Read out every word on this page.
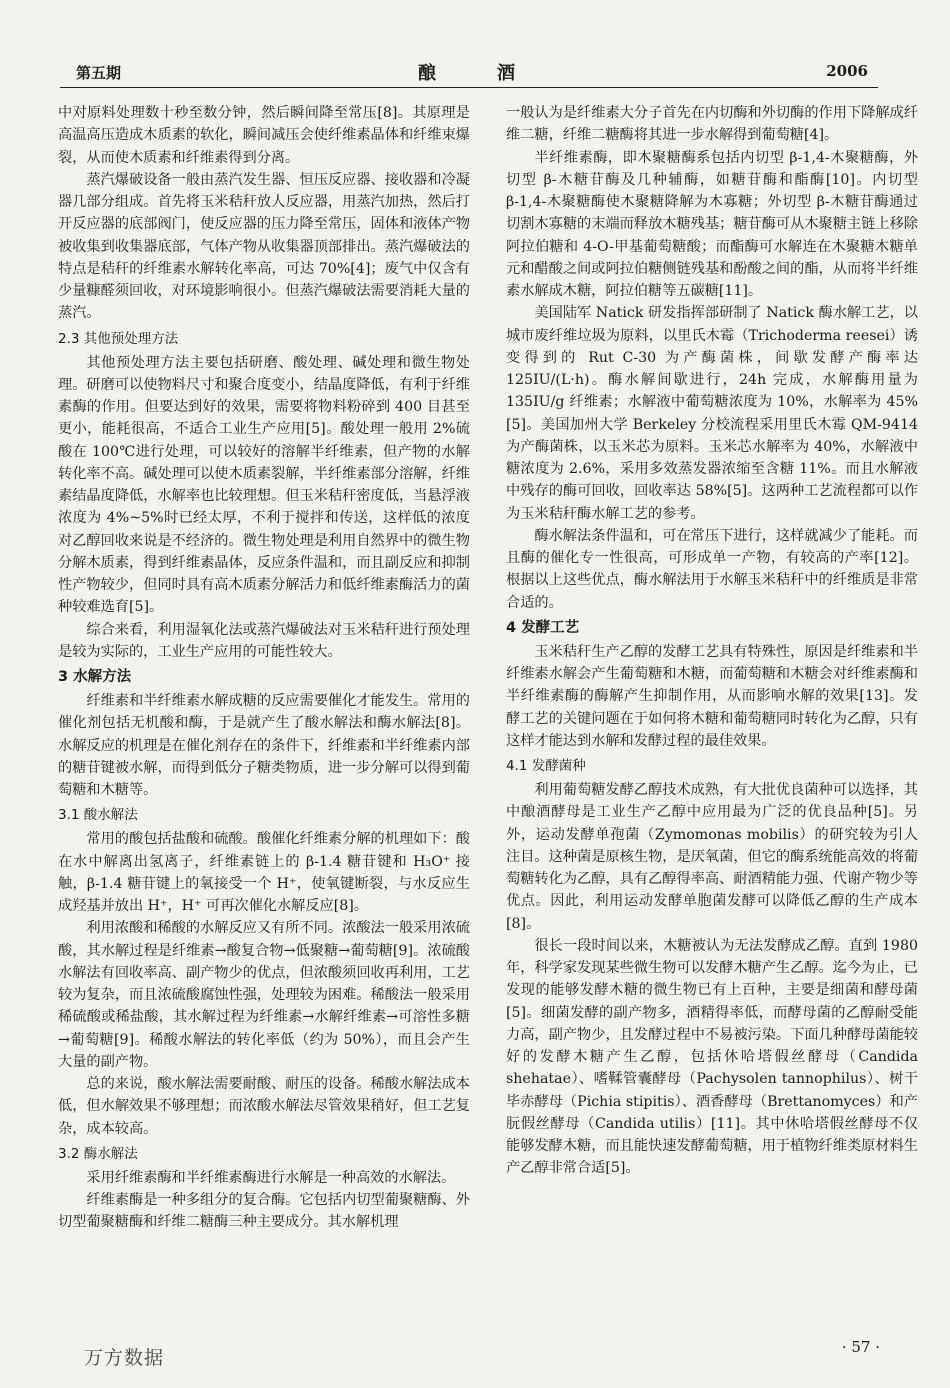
第五期	酿	酒	2006

中对原料处理数十秒至数分钟，然后瞬间降至常压[8]。其原理是高温高压造成木质素的软化，瞬间减压会使纤维素晶体和纤维束爆裂，从而使木质素和纤维素得到分离。

蒸汽爆破设备一般由蒸汽发生器、恒压反应器、接收器和冷凝器几部分组成。首先将玉米秸秆放人反应器，用蒸汽加热，然后打开反应器的底部阀门，使反应器的压力降至常压，固体和液体产物被收集到收集器底部，气体产物从收集器顶部排出。蒸汽爆破法的特点是秸秆的纤维素水解转化率高，可达 70%[4]；废气中仅含有少量糠醛须回收，对环境影响很小。但蒸汽爆破法需要消耗大量的蒸汽。

2.3 其他预处理方法

其他预处理方法主要包括研磨、酸处理、碱处理和微生物处理。研磨可以使物料尺寸和聚合度变小，结晶度降低，有利于纤维素酶的作用。但要达到好的效果，需要将物料粉碎到 400 目甚至更小，能耗很高，不适合工业生产应用[5]。酸处理一般用 2%硫酸在 100℃进行处理，可以较好的溶解半纤维素，但产物的水解转化率不高。碱处理可以使木质素裂解，半纤维素部分溶解，纤维素结晶度降低，水解率也比较理想。但玉米秸秆密度低，当悬浮液浓度为 4%~5%时已经太厚，不利于搅拌和传送，这样低的浓度对乙醇回收来说是不经济的。微生物处理是利用自然界中的微生物分解木质素，得到纤维素晶体，反应条件温和，而且副反应和抑制性产物较少，但同时具有高木质素分解活力和低纤维素酶活力的菌种较难选育[5]。

综合来看，利用湿氧化法或蒸汽爆破法对玉米秸秆进行预处理是较为实际的，工业生产应用的可能性较大。

3 水解方法

纤维素和半纤维素水解成糖的反应需要催化才能发生。常用的催化剂包括无机酸和酶，于是就产生了酸水解法和酶水解法[8]。水解反应的机理是在催化剂存在的条件下，纤维素和半纤维素内部的糖苷键被水解，而得到低分子糖类物质，进一步分解可以得到葡萄糖和木糖等。

3.1 酸水解法

常用的酸包括盐酸和硫酸。酸催化纤维素分解的机理如下：酸在水中解离出氢离子，纤维素链上的 β-1.4 糖苷键和 H₃O⁺ 接触，β-1.4 糖苷键上的氧接受一个 H⁺，使氧键断裂，与水反应生成羟基并放出 H⁺，H⁺ 可再次催化水解反应[8]。

利用浓酸和稀酸的水解反应又有所不同。浓酸法一般采用浓硫酸，其水解过程是纤维素→酸复合物→低聚糖→葡萄糖[9]。浓硫酸水解法有回收率高、副产物少的优点，但浓酸须回收再利用，工艺较为复杂，而且浓硫酸腐蚀性强，处理较为困难。稀酸法一般采用稀硫酸或稀盐酸，其水解过程为纤维素→水解纤维素→可溶性多糖→葡萄糖[9]。稀酸水解法的转化率低（约为 50%），而且会产生大量的副产物。

总的来说，酸水解法需要耐酸、耐压的设备。稀酸水解法成本低，但水解效果不够理想；而浓酸水解法尽管效果稍好，但工艺复杂，成本较高。

3.2 酶水解法

采用纤维素酶和半纤维素酶进行水解是一种高效的水解法。

纤维素酶是一种多组分的复合酶。它包括内切型葡聚糖酶、外切型葡聚糖酶和纤维二糖酶三种主要成分。其水解机理

一般认为是纤维素大分子首先在内切酶和外切酶的作用下降解成纤维二糖，纤维二糖酶将其进一步水解得到葡萄糖[4]。

半纤维素酶，即木聚糖酶系包括内切型 β-1,4-木聚糖酶，外切型 β-木糖苷酶及几种辅酶，如糖苷酶和酯酶[10]。内切型 β-1,4-木聚糖酶使木聚糖降解为木寡糖；外切型 β-木糖苷酶通过切割木寡糖的末端而释放木糖残基；糖苷酶可从木聚糖主链上移除阿拉伯糖和 4-O-甲基葡萄糖酸；而酯酶可水解连在木聚糖木糖单元和醋酸之间或阿拉伯糖侧链残基和酚酸之间的酯，从而将半纤维素水解成木糖，阿拉伯糖等五碳糖[11]。

美国陆军 Natick 研发指挥部研制了 Natick 酶水解工艺，以城市废纤维垃圾为原料，以里氏木霉（Trichoderma reesei）诱变得到的 Rut C-30 为产酶菌株，间歇发酵产酶率达 125IU/(L·h)。酶水解间歇进行，24h 完成，水解酶用量为 135IU/g 纤维素；水解液中葡萄糖浓度为 10%，水解率为 45%[5]。美国加州大学 Berkeley 分校流程采用里氏木霉 QM-9414 为产酶菌株，以玉米芯为原料。玉米芯水解率为 40%，水解液中糖浓度为 2.6%，采用多效蒸发器浓缩至含糖 11%。而且水解液中残存的酶可回收，回收率达 58%[5]。这两种工艺流程都可以作为玉米秸秆酶水解工艺的参考。

酶水解法条件温和，可在常压下进行，这样就减少了能耗。而且酶的催化专一性很高，可形成单一产物，有较高的产率[12]。根据以上这些优点，酶水解法用于水解玉米秸秆中的纤维质是非常合适的。

4 发酵工艺

玉米秸秆生产乙醇的发酵工艺具有特殊性，原因是纤维素和半纤维素水解会产生葡萄糖和木糖，而葡萄糖和木糖会对纤维素酶和半纤维素酶的酶解产生抑制作用，从而影响水解的效果[13]。发酵工艺的关键问题在于如何将木糖和葡萄糖同时转化为乙醇，只有这样才能达到水解和发酵过程的最佳效果。

4.1 发酵菌种

利用葡萄糖发酵乙醇技术成熟，有大批优良菌种可以选择，其中酿酒酵母是工业生产乙醇中应用最为广泛的优良品种[5]。另外，运动发酵单孢菌（Zymomonas mobilis）的研究较为引人注目。这种菌是原核生物，是厌氧菌，但它的酶系统能高效的将葡萄糖转化为乙醇，具有乙醇得率高、耐酒精能力强、代谢产物少等优点。因此，利用运动发酵单胞菌发酵可以降低乙醇的生产成本[8]。

很长一段时间以来，木糖被认为无法发酵成乙醇。直到 1980 年，科学家发现某些微生物可以发酵木糖产生乙醇。迄今为止，已发现的能够发酵木糖的微生物已有上百种，主要是细菌和酵母菌[5]。细菌发酵的副产物多，酒精得率低，而酵母菌的乙醇耐受能力高，副产物少，且发酵过程中不易被污染。下面几种酵母菌能较好的发酵木糖产生乙醇，包括休哈塔假丝酵母（Candida shehatae）、嗜鞣管囊酵母（Pachysolen tannophilus）、树干毕赤酵母（Pichia stipitis）、酒香酵母（Brettanomyces）和产朊假丝酵母（Candida utilis）[11]。其中休哈塔假丝酵母不仅能够发酵木糖，而且能快速发酵葡萄糖，用于植物纤维类原材料生产乙醇非常合适[5]。

万方数据	· 57 ·
